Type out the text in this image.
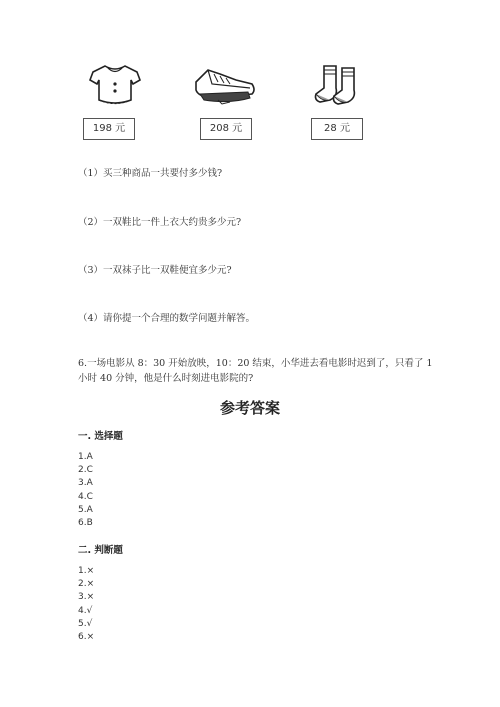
198 元	208 元	28 元
（1）买三种商品一共要付多少钱?
（2）一双鞋比一件上衣大约贵多少元?
（3）一双袜子比一双鞋便宜多少元?
（4）请你提一个合理的数学问题并解答。
6.一场电影从 8：30 开始放映，10：20 结束，小华进去看电影时迟到了，只看了 1 小时 40 分钟，他是什么时刻进电影院的?
参考答案
一. 选择题
1.A
2.C
3.A
4.C
5.A
6.B
二. 判断题
1.×
2.×
3.×
4.√
5.√
6.×
